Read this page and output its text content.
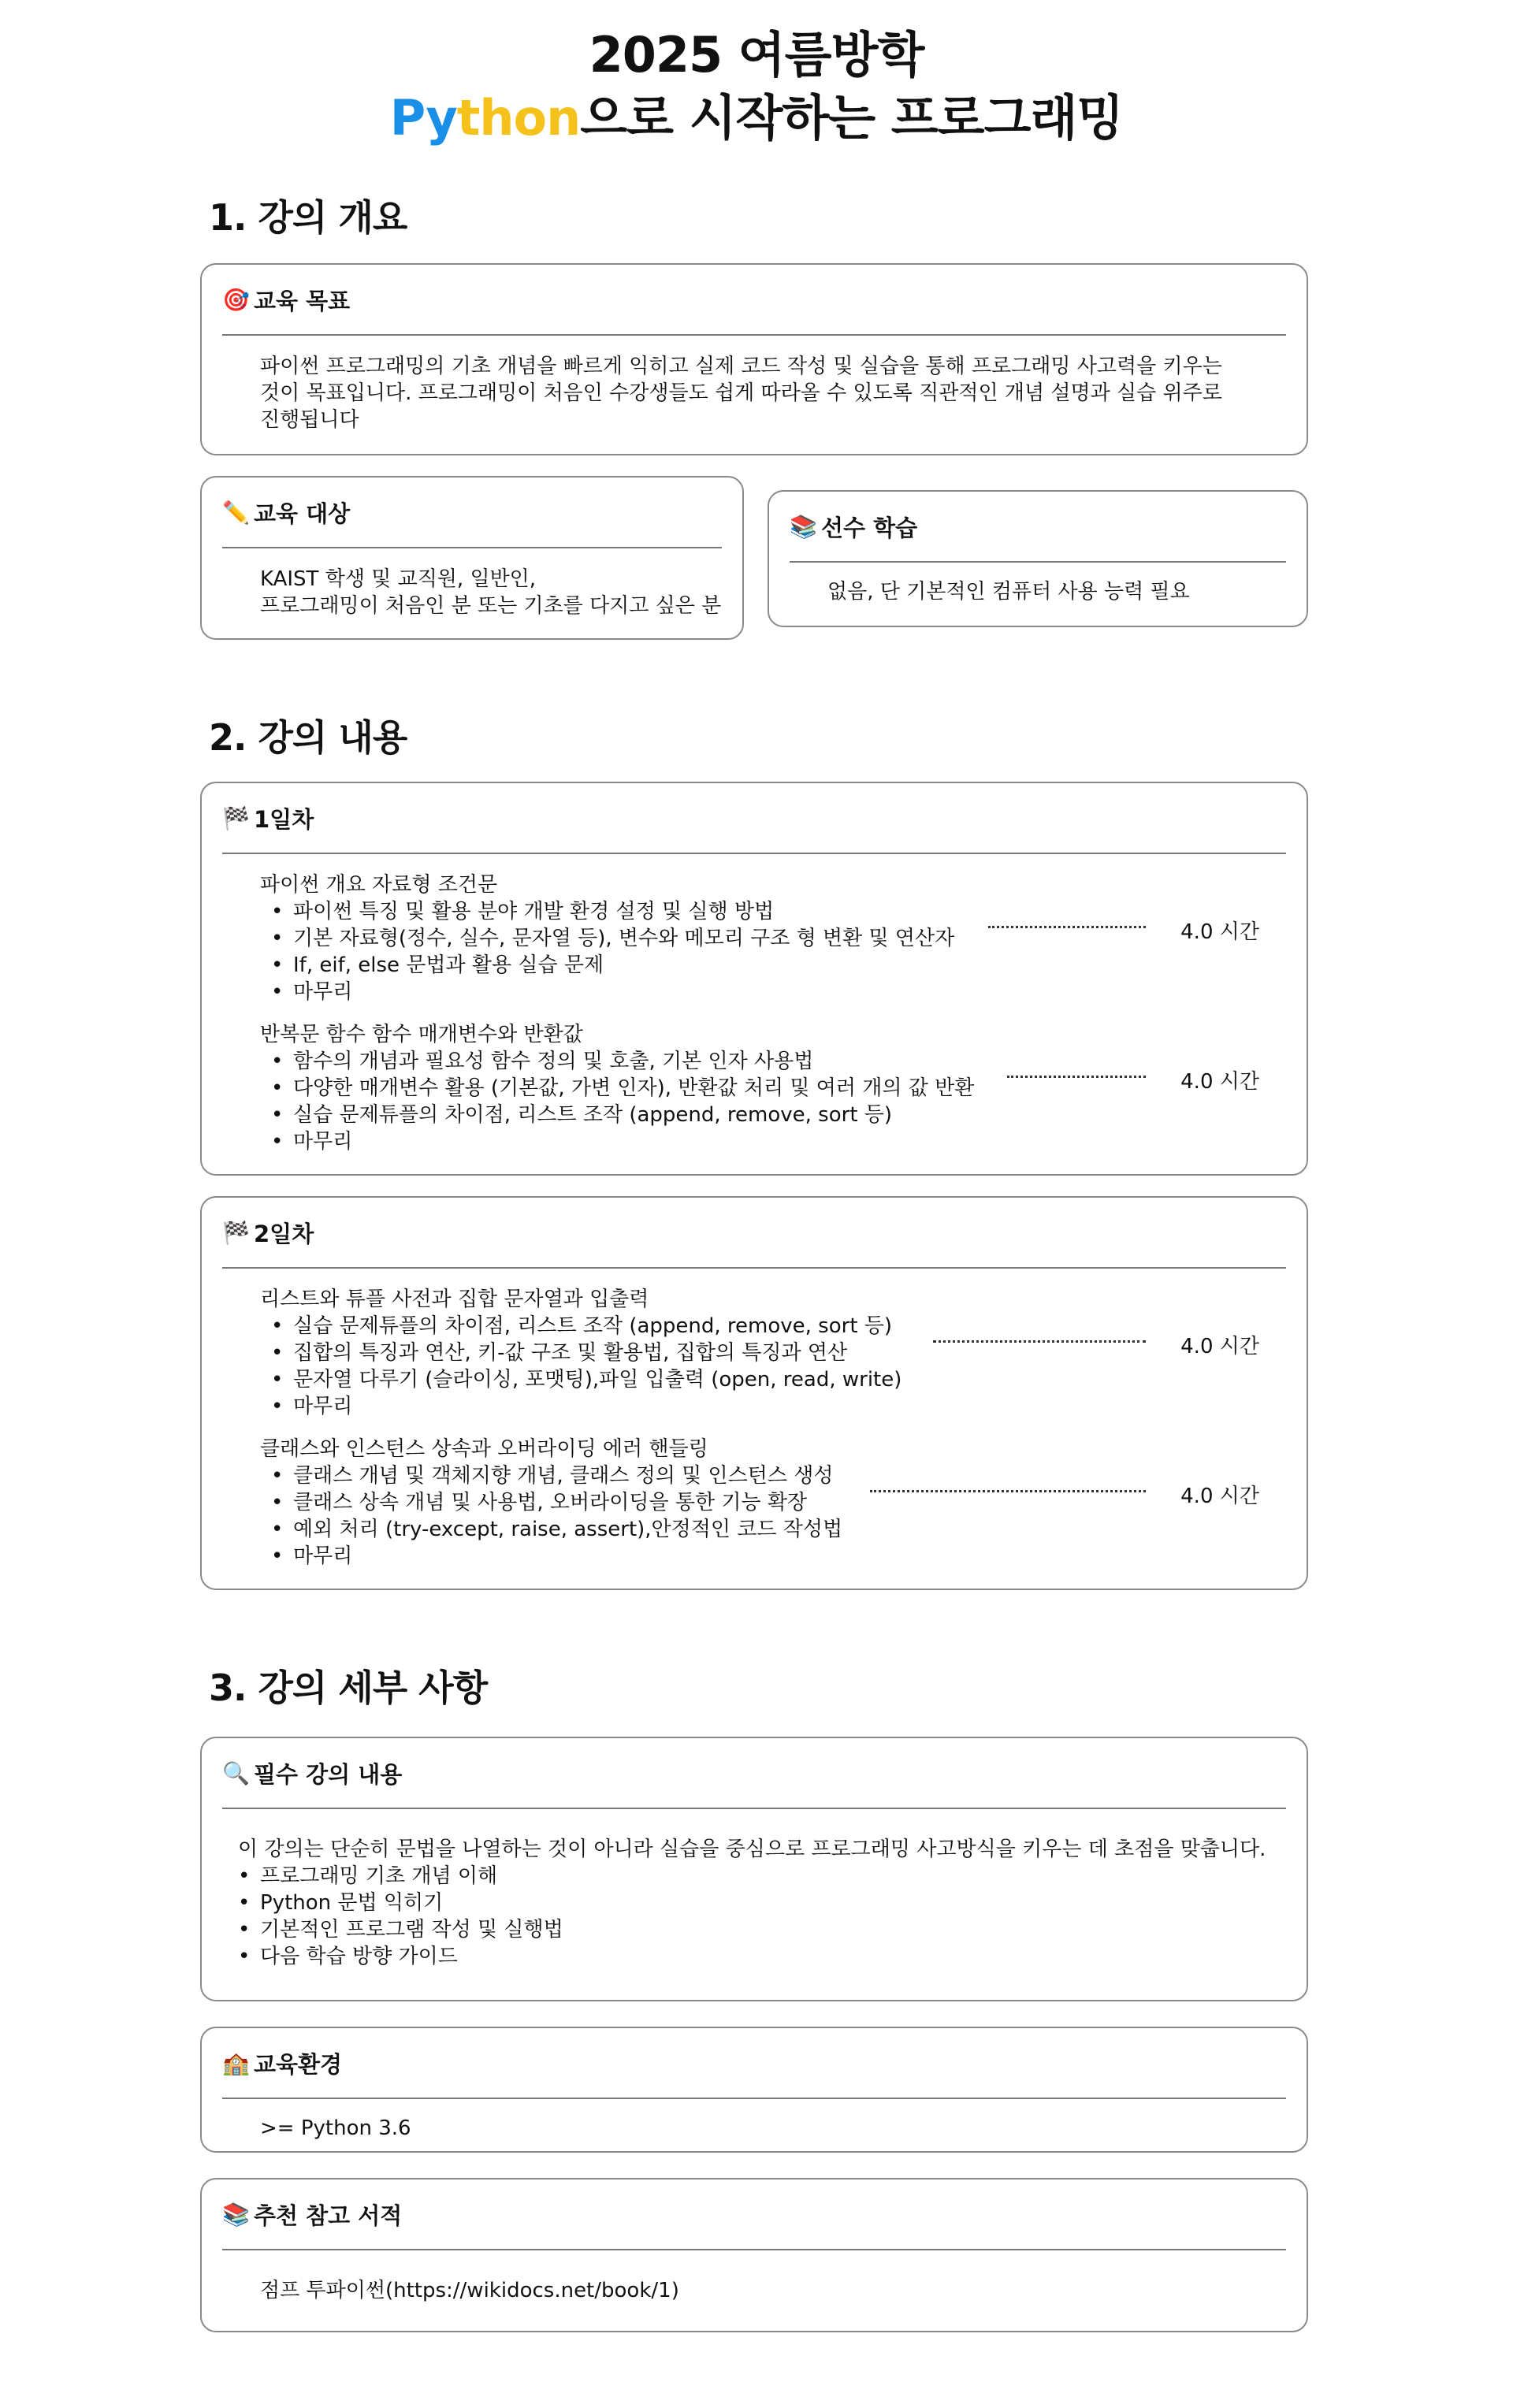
2025 여름방학
Python으로 시작하는 프로그래밍
1. 강의 개요
🎯 교육 목표
파이썬 프로그래밍의 기초 개념을 빠르게 익히고 실제 코드 작성 및 실습을 통해 프로그래밍 사고력을 키우는 것이 목표입니다. 프로그래밍이 처음인 수강생들도 쉽게 따라올 수 있도록 직관적인 개념 설명과 실습 위주로 진행됩니다
✏️ 교육 대상
KAIST 학생 및 교직원, 일반인,
프로그래밍이 처음인 분 또는 기초를 다지고 싶은 분
📚 선수 학습
없음, 단 기본적인 컴퓨터 사용 능력 필요
2. 강의 내용
🏁 1일차
파이썬 개요 자료형 조건문
• 파이썬 특징 및 활용 분야 개발 환경 설정 및 실행 방법
• 기본 자료형(정수, 실수, 문자열 등), 변수와 메모리 구조 형 변환 및 연산자
• If, eif, else 문법과 활용 실습 문제
• 마무리
4.0 시간
반복문 함수 함수 매개변수와 반환값
• 함수의 개념과 필요성 함수 정의 및 호출, 기본 인자 사용법
• 다양한 매개변수 활용 (기본값, 가변 인자), 반환값 처리 및 여러 개의 값 반환
• 실습 문제튜플의 차이점, 리스트 조작 (append, remove, sort 등)
• 마무리
4.0 시간
🏁 2일차
리스트와 튜플 사전과 집합 문자열과 입출력
• 실습 문제튜플의 차이점, 리스트 조작 (append, remove, sort 등)
• 집합의 특징과 연산, 키-값 구조 및 활용법, 집합의 특징과 연산
• 문자열 다루기 (슬라이싱, 포맷팅),파일 입출력 (open, read, write)
• 마무리
4.0 시간
클래스와 인스턴스 상속과 오버라이딩 에러 핸들링
• 클래스 개념 및 객체지향 개념, 클래스 정의 및 인스턴스 생성
• 클래스 상속 개념 및 사용법, 오버라이딩을 통한 기능 확장
• 예외 처리 (try-except, raise, assert),안정적인 코드 작성법
• 마무리
4.0 시간
3. 강의 세부 사항
🔍 필수 강의 내용
이 강의는 단순히 문법을 나열하는 것이 아니라 실습을 중심으로 프로그래밍 사고방식을 키우는 데 초점을 맞춥니다.
• 프로그래밍 기초 개념 이해
• Python 문법 익히기
• 기본적인 프로그램 작성 및 실행법
• 다음 학습 방향 가이드
🏫 교육환경
>= Python 3.6
📚 추천 참고 서적
점프 투파이썬(https://wikidocs.net/book/1)
